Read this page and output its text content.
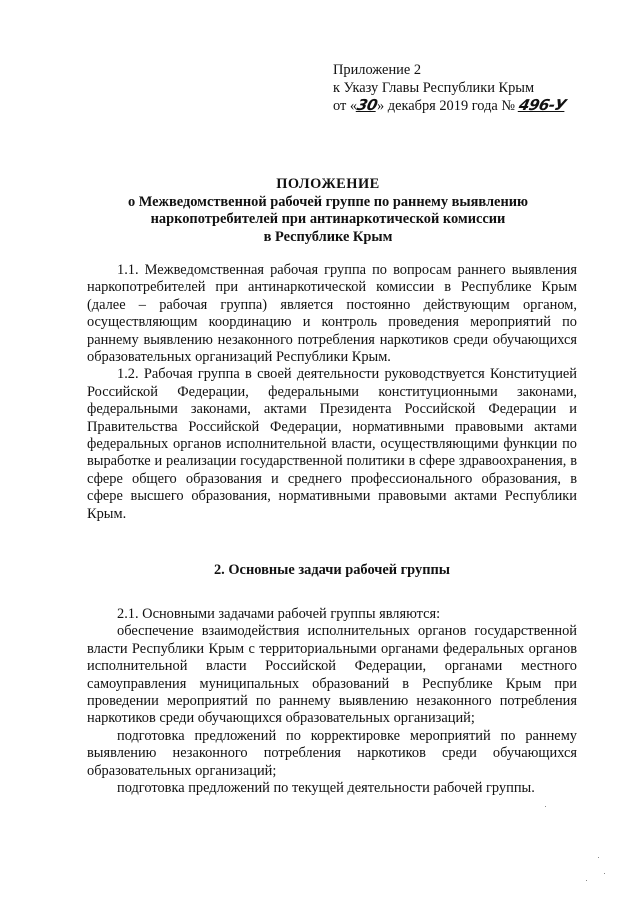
Приложение 2
к Указу Главы Республики Крым
от «30» декабря 2019 года № 496-У
ПОЛОЖЕНИЕ
о Межведомственной рабочей группе по раннему выявлению
наркопотребителей при антинаркотической комиссии
в Республике Крым

1.1. Межведомственная рабочая группа по вопросам раннего выявления наркопотребителей при антинаркотической комиссии в Республике Крым (далее – рабочая группа) является постоянно действующим органом, осуществляющим координацию и контроль проведения мероприятий по раннему выявлению незаконного потребления наркотиков среди обучающихся образовательных организаций Республики Крым.

1.2. Рабочая группа в своей деятельности руководствуется Конституцией Российской Федерации, федеральными конституционными законами, федеральными законами, актами Президента Российской Федерации и Правительства Российской Федерации, нормативными правовыми актами федеральных органов исполнительной власти, осуществляющими функции по выработке и реализации государственной политики в сфере здравоохранения, в сфере общего образования и среднего профессионального образования, в сфере высшего образования, нормативными правовыми актами Республики Крым.

2. Основные задачи рабочей группы

2.1. Основными задачами рабочей группы являются:

обеспечение взаимодействия исполнительных органов государственной власти Республики Крым с территориальными органами федеральных органов исполнительной власти Российской Федерации, органами местного самоуправления муниципальных образований в Республике Крым при проведении мероприятий по раннему выявлению незаконного потребления наркотиков среди обучающихся образовательных организаций;

подготовка предложений по корректировке мероприятий по раннему выявлению незаконного потребления наркотиков среди обучающихся образовательных организаций;

подготовка предложений по текущей деятельности рабочей группы.
